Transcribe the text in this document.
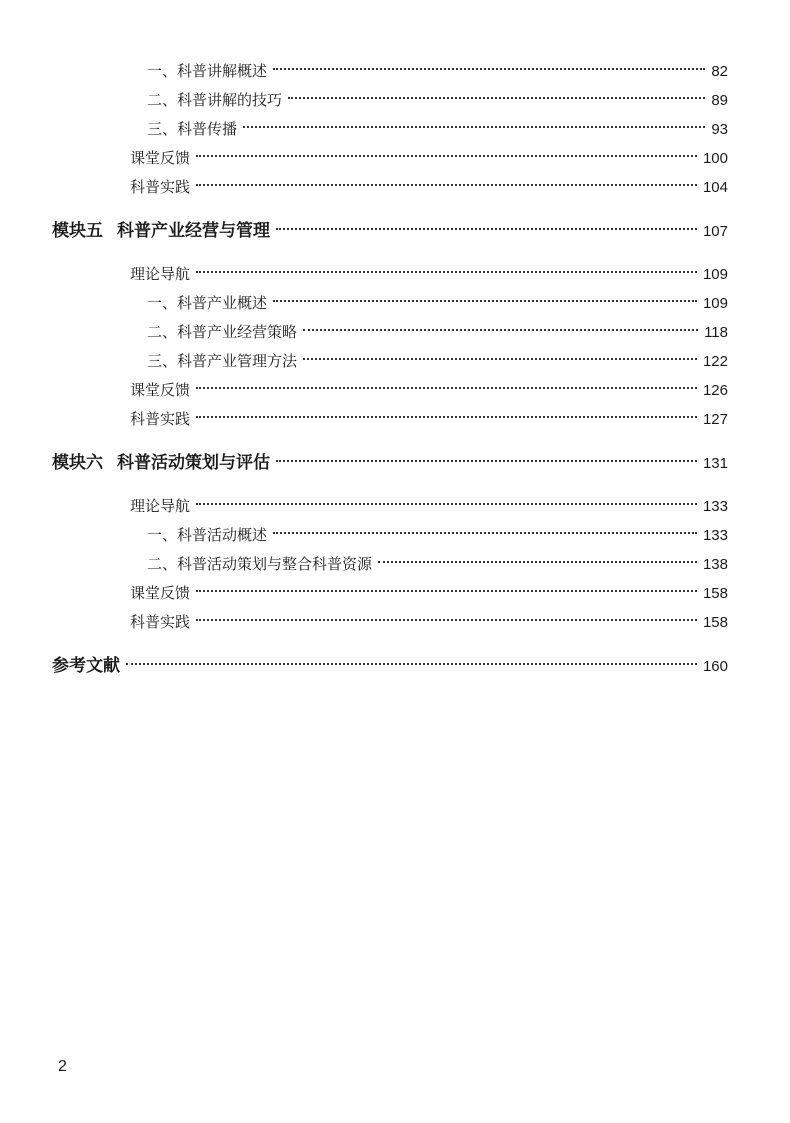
一、科普讲解概述	82
二、科普讲解的技巧	89
三、科普传播	93
课堂反馈	100
科普实践	104
模块五 科普产业经营与管理	107
理论导航	109
一、科普产业概述	109
二、科普产业经营策略	118
三、科普产业管理方法	122
课堂反馈	126
科普实践	127
模块六 科普活动策划与评估	131
理论导航	133
一、科普活动概述	133
二、科普活动策划与整合科普资源	138
课堂反馈	158
科普实践	158
参考文献	160
2
